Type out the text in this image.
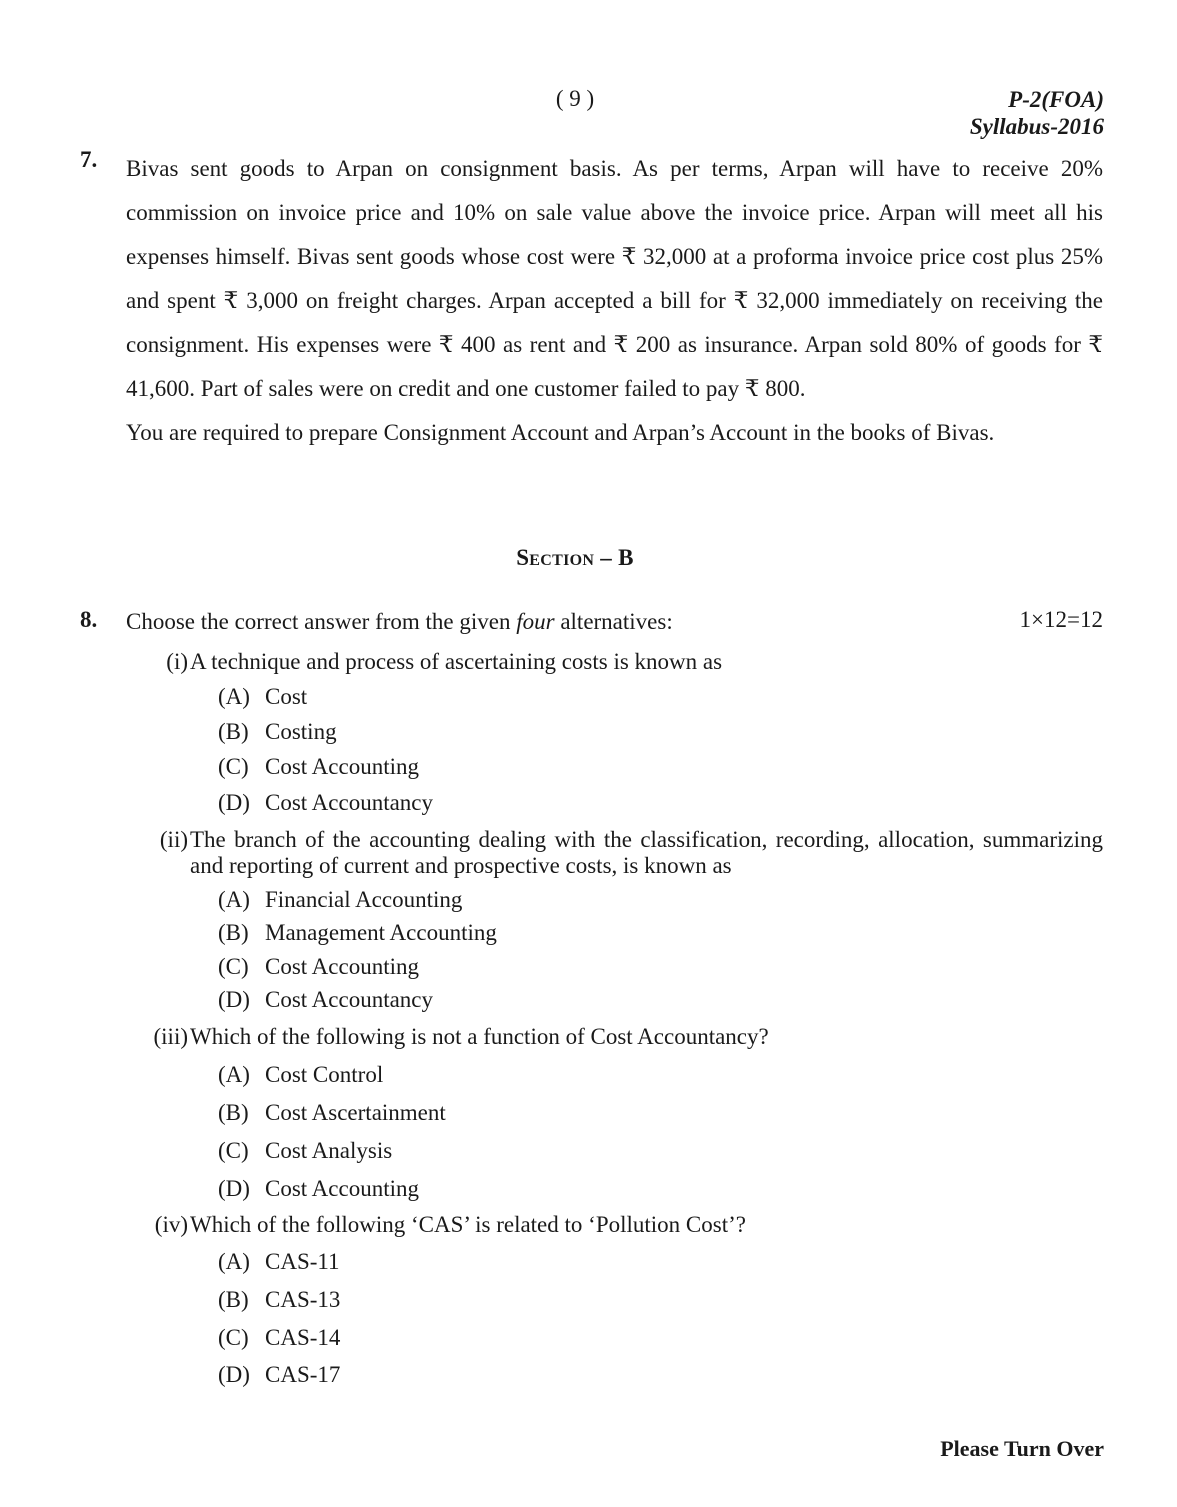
( 9 )	P-2(FOA)
Syllabus-2016
7. Bivas sent goods to Arpan on consignment basis. As per terms, Arpan will have to receive 20% commission on invoice price and 10% on sale value above the invoice price. Arpan will meet all his expenses himself. Bivas sent goods whose cost were ₹ 32,000 at a proforma invoice price cost plus 25% and spent ₹ 3,000 on freight charges. Arpan accepted a bill for ₹ 32,000 immediately on receiving the consignment. His expenses were ₹ 400 as rent and ₹ 200 as insurance. Arpan sold 80% of goods for ₹ 41,600. Part of sales were on credit and one customer failed to pay ₹ 800.
You are required to prepare Consignment Account and Arpan’s Account in the books of Bivas.
Section – B
8. Choose the correct answer from the given four alternatives:	1×12=12
(i) A technique and process of ascertaining costs is known as
(A) Cost
(B) Costing
(C) Cost Accounting
(D) Cost Accountancy
(ii) The branch of the accounting dealing with the classification, recording, allocation, summarizing and reporting of current and prospective costs, is known as
(A) Financial Accounting
(B) Management Accounting
(C) Cost Accounting
(D) Cost Accountancy
(iii) Which of the following is not a function of Cost Accountancy?
(A) Cost Control
(B) Cost Ascertainment
(C) Cost Analysis
(D) Cost Accounting
(iv) Which of the following ‘CAS’ is related to ‘Pollution Cost’?
(A) CAS-11
(B) CAS-13
(C) CAS-14
(D) CAS-17
Please Turn Over
